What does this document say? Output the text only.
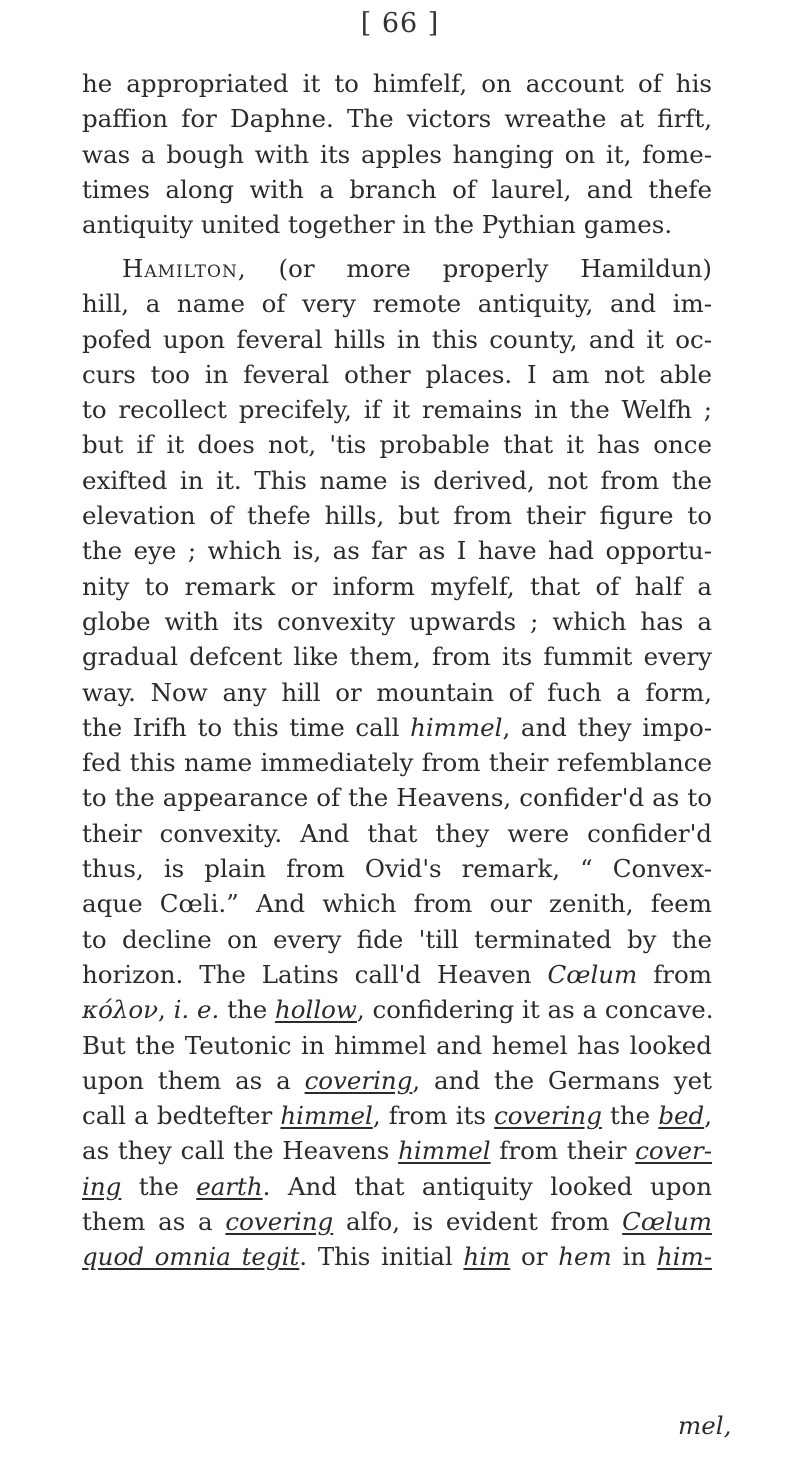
[ 66 ]
he appropriated it to himfelf, on account of his
paffion for Daphne. The victors wreathe at firft,
was a bough with its apples hanging on it, fome-
times along with a branch of laurel, and thefe
antiquity united together in the Pythian games.
Hamilton, (or more properly Hamildun)
hill, a name of very remote antiquity, and im-
pofed upon feveral hills in this county, and it oc-
curs too in feveral other places. I am not able
to recollect precifely, if it remains in the Welfh ;
but if it does not, 'tis probable that it has once
exifted in it. This name is derived, not from the
elevation of thefe hills, but from their figure to
the eye ; which is, as far as I have had opportu-
nity to remark or inform myfelf, that of half a
globe with its convexity upwards ; which has a
gradual defcent like them, from its fummit every
way. Now any hill or mountain of fuch a form,
the Irifh to this time call himmel, and they impo-
fed this name immediately from their refemblance
to the appearance of the Heavens, confider'd as to
their convexity. And that they were confider'd
thus, is plain from Ovid's remark, “ Convex-
aque Cœli.” And which from our zenith, feem
to decline on every fide 'till terminated by the
horizon. The Latins call'd Heaven Cœlum from
κόλον, i. e. the hollow, confidering it as a concave.
But the Teutonic in himmel and hemel has looked
upon them as a covering, and the Germans yet
call a bedtefter himmel, from its covering the bed,
as they call the Heavens himmel from their cover-
ing the earth. And that antiquity looked upon
them as a covering alfo, is evident from Cœlum
quod omnia tegit. This initial him or hem in him-
mel,
